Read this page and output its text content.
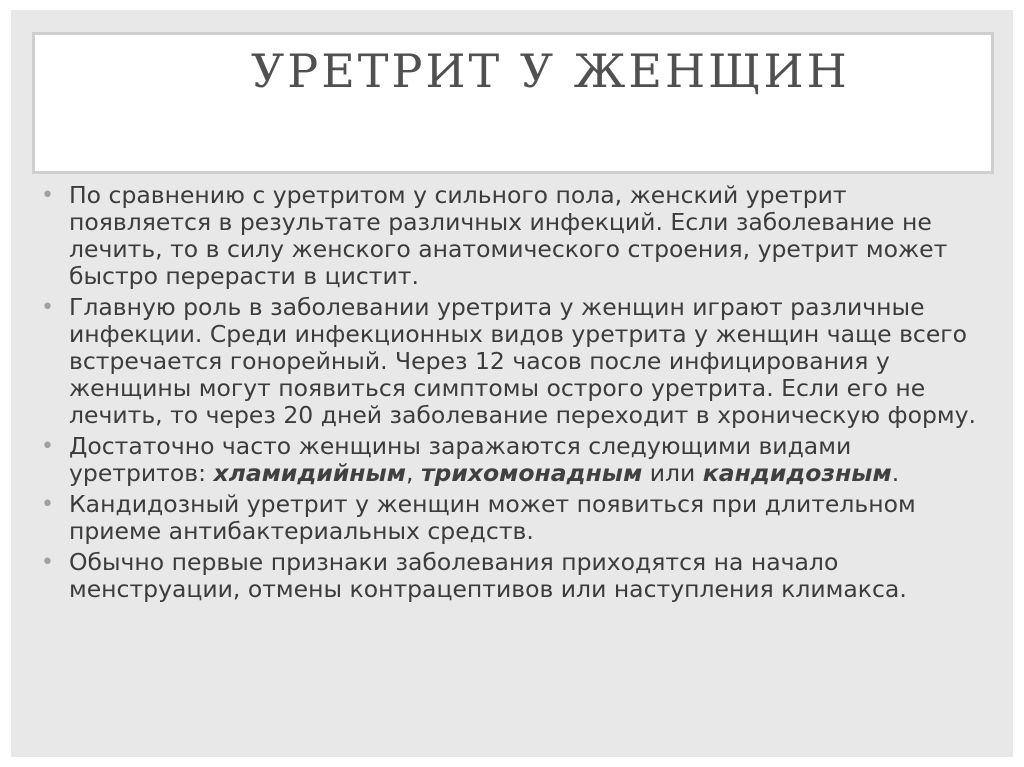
УРЕТРИТ У ЖЕНЩИН
• По сравнению с уретритом у сильного пола, женский уретрит появляется в результате различных инфекций. Если заболевание не лечить, то в силу женского анатомического строения, уретрит может быстро перерасти в цистит.
• Главную роль в заболевании уретрита у женщин играют различные инфекции. Среди инфекционных видов уретрита у женщин чаще всего встречается гонорейный. Через 12 часов после инфицирования у женщины могут появиться симптомы острого уретрита. Если его не лечить, то через 20 дней заболевание переходит в хроническую форму.
• Достаточно часто женщины заражаются следующими видами уретритов: хламидийным, трихомонадным или кандидозным.
• Кандидозный уретрит у женщин может появиться при длительном приеме антибактериальных средств.
• Обычно первые признаки заболевания приходятся на начало менструации, отмены контрацептивов или наступления климакса.
